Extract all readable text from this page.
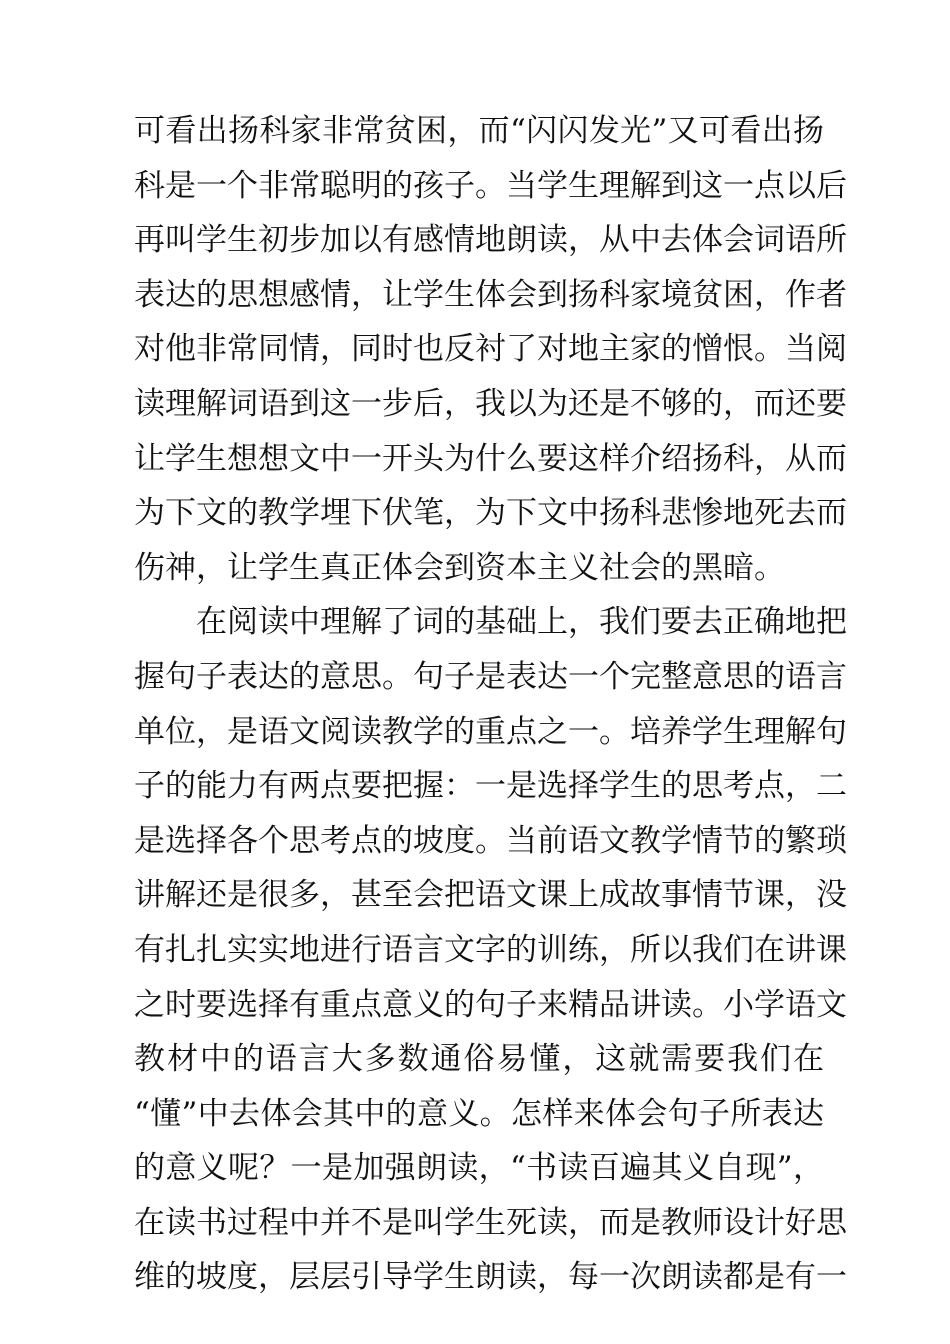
可看出扬科家非常贫困，而“闪闪发光”又可看出扬
科是一个非常聪明的孩子。当学生理解到这一点以后
再叫学生初步加以有感情地朗读，从中去体会词语所
表达的思想感情，让学生体会到扬科家境贫困，作者
对他非常同情，同时也反衬了对地主家的憎恨。当阅
读理解词语到这一步后，我以为还是不够的，而还要
让学生想想文中一开头为什么要这样介绍扬科，从而
为下文的教学埋下伏笔，为下文中扬科悲惨地死去而
伤神，让学生真正体会到资本主义社会的黑暗。
在阅读中理解了词的基础上，我们要去正确地把
握句子表达的意思。句子是表达一个完整意思的语言
单位，是语文阅读教学的重点之一。培养学生理解句
子的能力有两点要把握：一是选择学生的思考点，二
是选择各个思考点的坡度。当前语文教学情节的繁琐
讲解还是很多，甚至会把语文课上成故事情节课，没
有扎扎实实地进行语言文字的训练，所以我们在讲课
之时要选择有重点意义的句子来精品讲读。小学语文
教材中的语言大多数通俗易懂，这就需要我们在
“懂”中去体会其中的意义。怎样来体会句子所表达
的意义呢？一是加强朗读，“书读百遍其义自现”，
在读书过程中并不是叫学生死读，而是教师设计好思
维的坡度，层层引导学生朗读，每一次朗读都是有一
